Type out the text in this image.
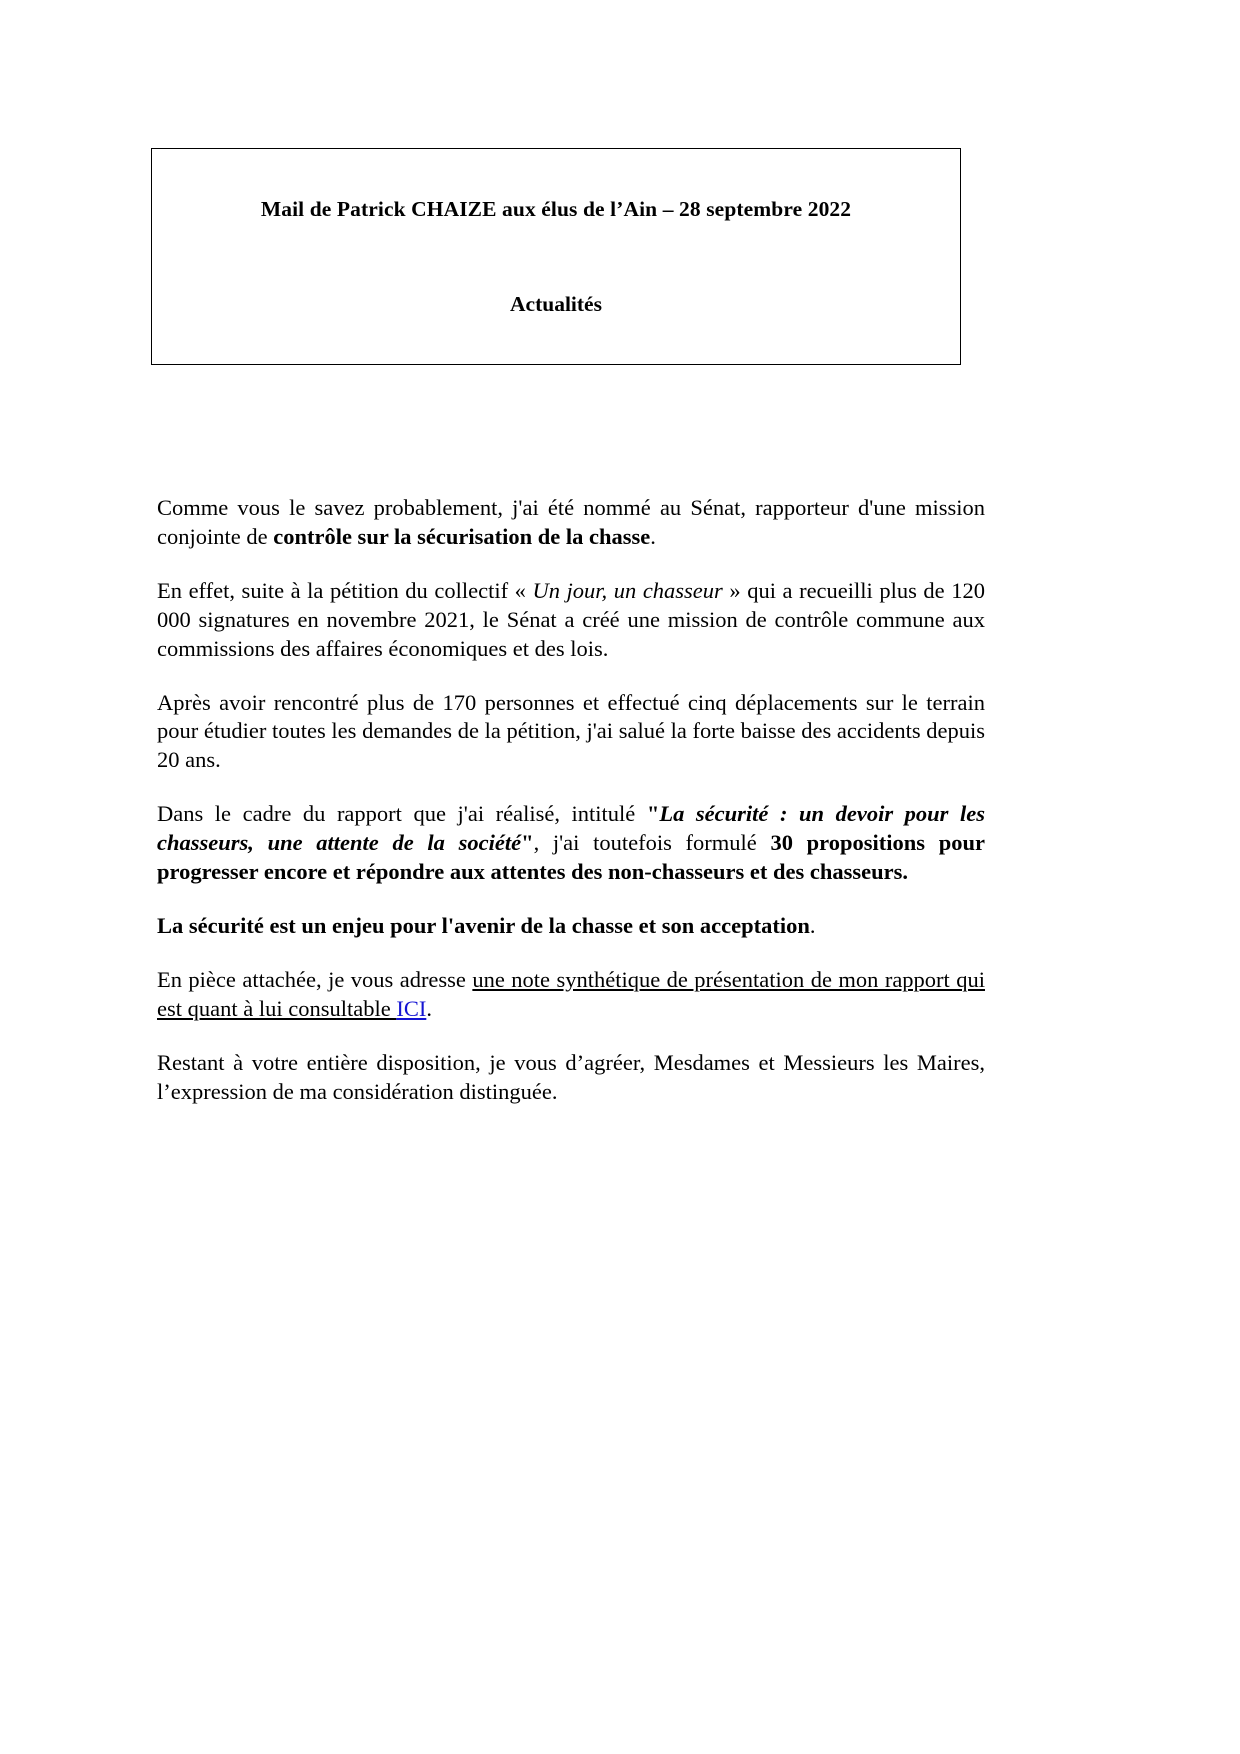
Mail de Patrick CHAIZE aux élus de l’Ain – 28 septembre 2022
Actualités

Comme vous le savez probablement, j'ai été nommé au Sénat, rapporteur d'une mission conjointe de contrôle sur la sécurisation de la chasse.

En effet, suite à la pétition du collectif « Un jour, un chasseur » qui a recueilli plus de 120 000 signatures en novembre 2021, le Sénat a créé une mission de contrôle commune aux commissions des affaires économiques et des lois.

Après avoir rencontré plus de 170 personnes et effectué cinq déplacements sur le terrain pour étudier toutes les demandes de la pétition, j'ai salué la forte baisse des accidents depuis 20 ans.

Dans le cadre du rapport que j'ai réalisé, intitulé "La sécurité : un devoir pour les chasseurs, une attente de la société", j'ai toutefois formulé 30 propositions pour progresser encore et répondre aux attentes des non-chasseurs et des chasseurs.

La sécurité est un enjeu pour l'avenir de la chasse et son acceptation.

En pièce attachée, je vous adresse une note synthétique de présentation de mon rapport qui est quant à lui consultable ICI.

Restant à votre entière disposition, je vous d’agréer, Mesdames et Messieurs les Maires, l’expression de ma considération distinguée.
